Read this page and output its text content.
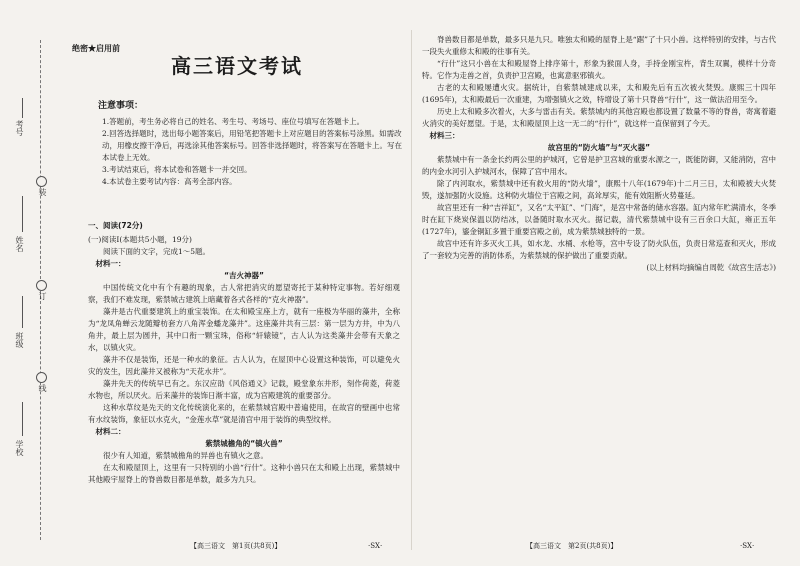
考号
姓名
班级
学校
装
订
线
绝密★启用前
高三语文考试
注意事项：

1.答题前，考生务必将自己的姓名、考生号、考场号、座位号填写在答题卡上。

2.回答选择题时，选出每小题答案后，用铅笔把答题卡上对应题目的答案标号涂黑。如需改动，用橡皮擦干净后，再选涂其他答案标号。回答非选择题时，将答案写在答题卡上。写在本试卷上无效。

3.考试结束后，将本试卷和答题卡一并交回。

4.本试卷主要考试内容：高考全部内容。

一、阅读(72分)

(一)阅读Ⅰ(本题共5小题，19分)

阅读下面的文字，完成1～5题。

材料一：

“吉火神器”

中国传统文化中有个有趣的现象，古人常把消灾的愿望寄托于某种特定事物。若好细观察，我们不难发现，紫禁城古建筑上暗藏着各式各样的“克火神器”。

藻井是古代重要建筑上的重宝装饰。在太和殿宝座上方，就有一座极为华丽的藻井，全称为“龙凤角蝉云龙随瓣枋套方八角浑金蟠龙藻井”。这座藻井共有三层：第一层为方井，中为八角井，最上层为圆井，其中口衔一颗宝珠，俗称“轩辕镜”，古人认为这类藻井会带有天象之水，以镇火灾。

藻井不仅是装饰，还是一种水的象征。古人认为，在屋顶中心设置这种装饰，可以避免火灾的发生，因此藻井又被称为“天花水井”。

藻井先天的传统早已有之。东汉应劭《风俗通义》记载，殿堂象东井形，刻作荷菱，荷菱水物也，所以厌火。后来藻井的装饰日渐丰富，成为宫殿建筑的重要部分。

这种水草纹是先天的文化传统演化来的，在紫禁城宫殿中普遍使用，在故宫的壁画中也常有水纹装饰，象征以水克火，“金莲水草”就是清宫中用于装饰的典型纹样。

材料二：

紫禁城檐角的“镇火兽”

很少有人知道，紫禁城檐角的异兽也有镇火之意。

在太和殿屋顶上，这里有一只特别的小兽“行什”。这种小兽只在太和殿上出现，紫禁城中其他殿宇屋脊上的脊兽数目都是单数，最多为九只。

【高三语文　第1页(共8页)】	·SX·

脊兽数目都是单数，最多只是九只。唯独太和殿的屋脊上是“踞”了十只小兽。这样特别的安排，与古代一段失火重修太和殿的往事有关。

“行什”这只小兽在太和殿屋脊上排序第十，形象为猴面人身，手持金刚宝杵，背生双翼，模样十分奇特。它作为走兽之首，负责护卫宫殿，也寓意驱邪镇火。

古老的太和殿屡遭火灾。据统计，自紫禁城建成以来，太和殿先后有五次被火焚毁。康熙三十四年(1695年)，太和殿最后一次重建，为增强镇火之效，特增设了第十只脊兽“行什”，这一做法沿用至今。

历史上太和殿多次着火，大多与雷击有关。紫禁城内的其他宫殿也都设置了数量不等的脊兽，寄寓着避火消灾的美好愿望。于是，太和殿屋顶上这一无二的“行什”，就这样一直保留到了今天。

材料三：

故宫里的“防火墙”与“灭火器”

紫禁城中有一条金长约两公里的护城河，它曾是护卫宫城的重要水源之一，既能防御，又能消防，宫中的内金水河引入护城河水，保障了宫中用水。

除了内河取水，紫禁城中还有救火用的“防火墙”，康熙十八年(1679年)十二月三日，太和殿被大火焚毁，遂加强防火设施。这种防火墙位于宫殿之间，高耸厚实，能有效阻断火势蔓延。

故宫里还有一种“吉祥缸”，又名“太平缸”、“门海”，是宫中常备的储水容器。缸内常年贮满清水，冬季时在缸下烧炭保温以防结冰，以备随时取水灭火。据记载，清代紫禁城中设有三百余口大缸，雍正五年(1727年)，鎏金铜缸多置于重要宫殿之前，成为紫禁城独特的一景。

故宫中还有许多灭火工具，如水龙、水桶、水枪等，宫中专设了防火队伍，负责日常巡查和灭火，形成了一套较为完善的消防体系，为紫禁城的保护做出了重要贡献。

(以上材料均摘编自周乾《故宫生活志》)

【高三语文　第2页(共8页)】	·SX·
